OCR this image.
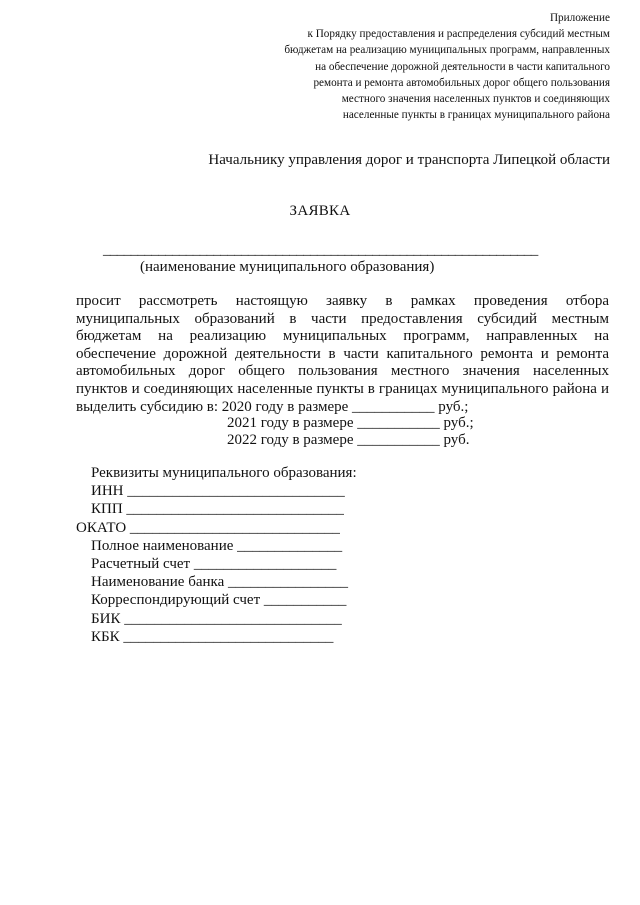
Приложение
к Порядку предоставления и распределения субсидий местным
бюджетам на реализацию муниципальных программ, направленных
на обеспечение дорожной деятельности в части капитального
ремонта и ремонта автомобильных дорог общего пользования
местного значения населенных пунктов и соединяющих
населенные пункты в границах муниципального района
Начальнику управления дорог и транспорта Липецкой области
ЗАЯВКА
_______________________________________________________________
(наименование муниципального образования)
просит рассмотреть настоящую заявку в рамках проведения отбора
муниципальных образований в части предоставления субсидий местным
бюджетам на реализацию муниципальных программ, направленных на
обеспечение дорожной деятельности в части капитального ремонта и ремонта
автомобильных дорог общего пользования местного значения населенных
пунктов и соединяющих населенные пункты в границах муниципального района и
выделить субсидию в: 2020 году в размере ___________ руб.;
2021 году в размере ___________ руб.;
2022 году в размере ___________ руб.
Реквизиты муниципального образования:
ИНН _____________________________
КПП _____________________________
ОКАТО ____________________________
Полное наименование ______________
Расчетный счет ___________________
Наименование банка ________________
Корреспондирующий счет ___________
БИК _____________________________
КБК ____________________________
